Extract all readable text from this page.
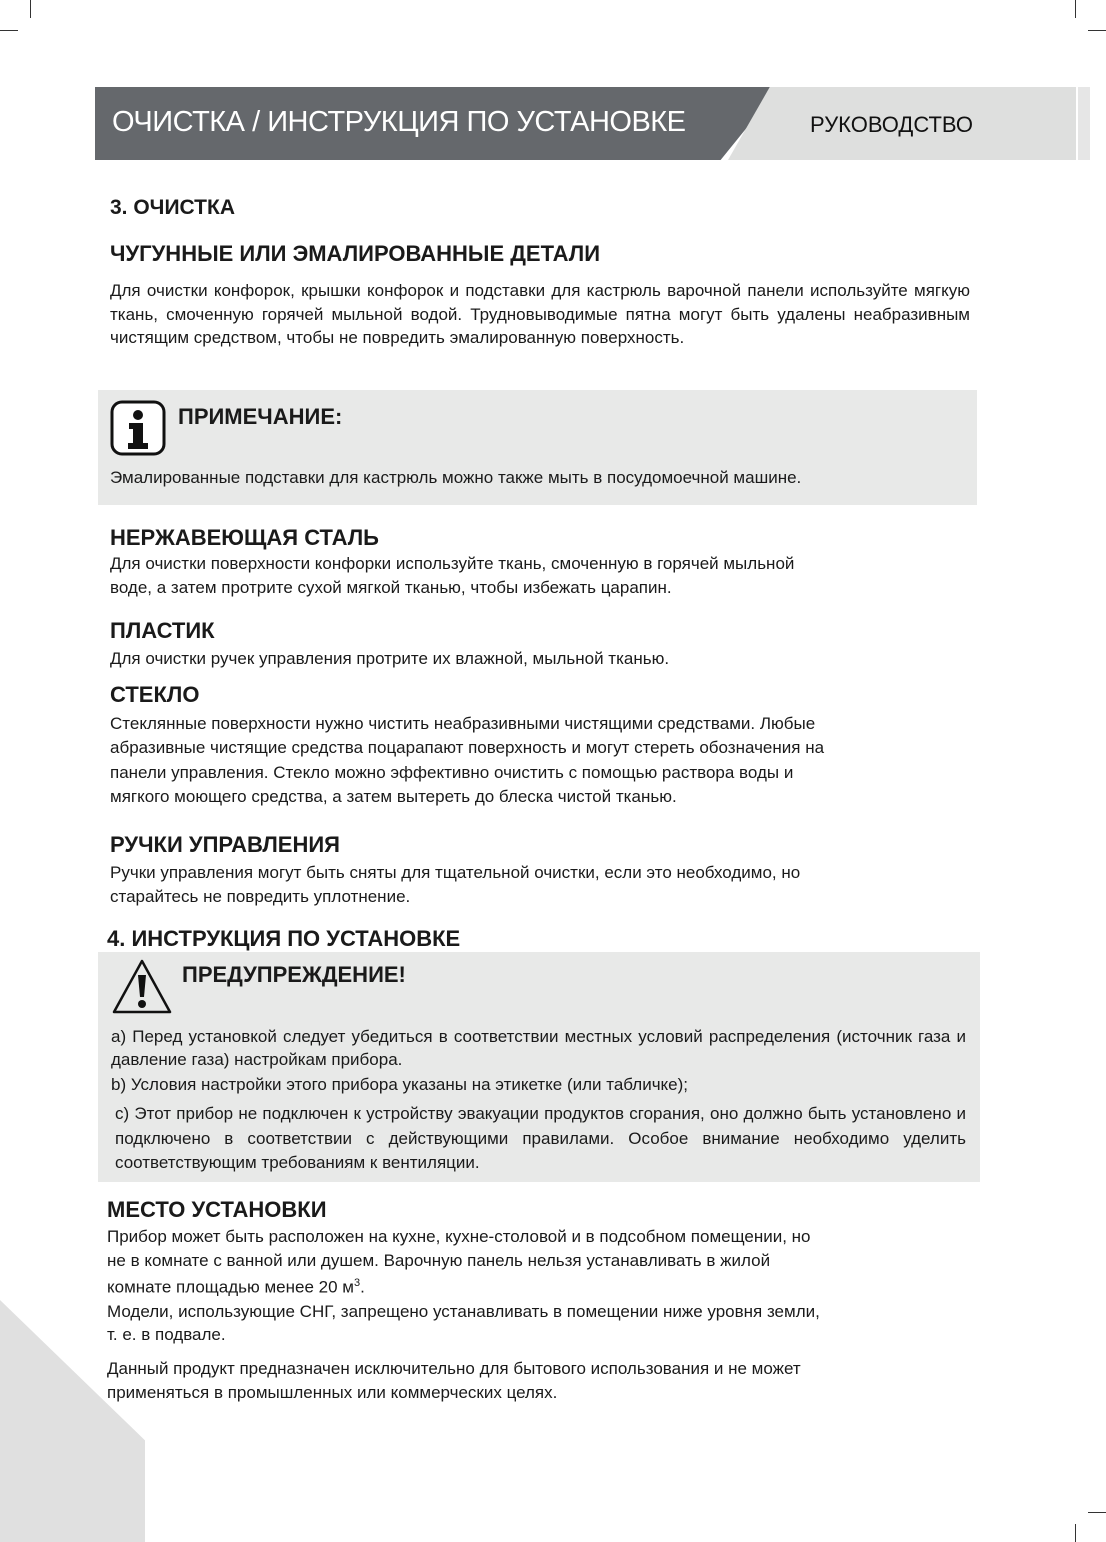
ОЧИСТКА / ИНСТРУКЦИЯ ПО УСТАНОВКЕ	РУКОВОДСТВО
3. ОЧИСТКА
ЧУГУННЫЕ ИЛИ ЭМАЛИРОВАННЫЕ ДЕТАЛИ
Для очистки конфорок, крышки конфорок и подставки для кастрюль варочной панели используйте мягкую ткань, смоченную горячей мыльной водой. Трудновыводимые пятна могут быть удалены неабразивным чистящим средством, чтобы не повредить эмалированную поверхность.
ПРИМЕЧАНИЕ:
Эмалированные подставки для кастрюль можно также мыть в посудомоечной машине.
НЕРЖАВЕЮЩАЯ СТАЛЬ
Для очистки поверхности конфорки используйте ткань, смоченную в горячей мыльной
воде, а затем протрите сухой мягкой тканью, чтобы избежать царапин.
ПЛАСТИК
Для очистки ручек управления протрите их влажной, мыльной тканью.
СТЕКЛО
Стеклянные поверхности нужно чистить неабразивными чистящими средствами. Любые
абразивные чистящие средства поцарапают поверхность и могут стереть обозначения на
панели управления. Стекло можно эффективно очистить с помощью раствора воды и
мягкого моющего средства, а затем вытереть до блеска чистой тканью.
РУЧКИ УПРАВЛЕНИЯ
Ручки управления могут быть сняты для тщательной очистки, если это необходимо, но
старайтесь не повредить уплотнение.
4. ИНСТРУКЦИЯ ПО УСТАНОВКЕ
ПРЕДУПРЕЖДЕНИЕ!
a) Перед установкой следует убедиться в соответствии местных условий распределения (источник газа и давление газа) настройкам прибора.
b) Условия настройки этого прибора указаны на этикетке (или табличке);
c) Этот прибор не подключен к устройству эвакуации продуктов сгорания, оно должно быть установлено и подключено в соответствии с действующими правилами. Особое внимание необходимо уделить соответствующим требованиям к вентиляции.
МЕСТО УСТАНОВКИ
Прибор может быть расположен на кухне, кухне-столовой и в подсобном помещении, но
не в комнате с ванной или душем. Варочную панель нельзя устанавливать в жилой
комнате площадью менее 20 $м^3$.
Модели, использующие СНГ, запрещено устанавливать в помещении ниже уровня земли,
т. е. в подвале.
Данный продукт предназначен исключительно для бытового использования и не может
применяться в промышленных или коммерческих целях.
